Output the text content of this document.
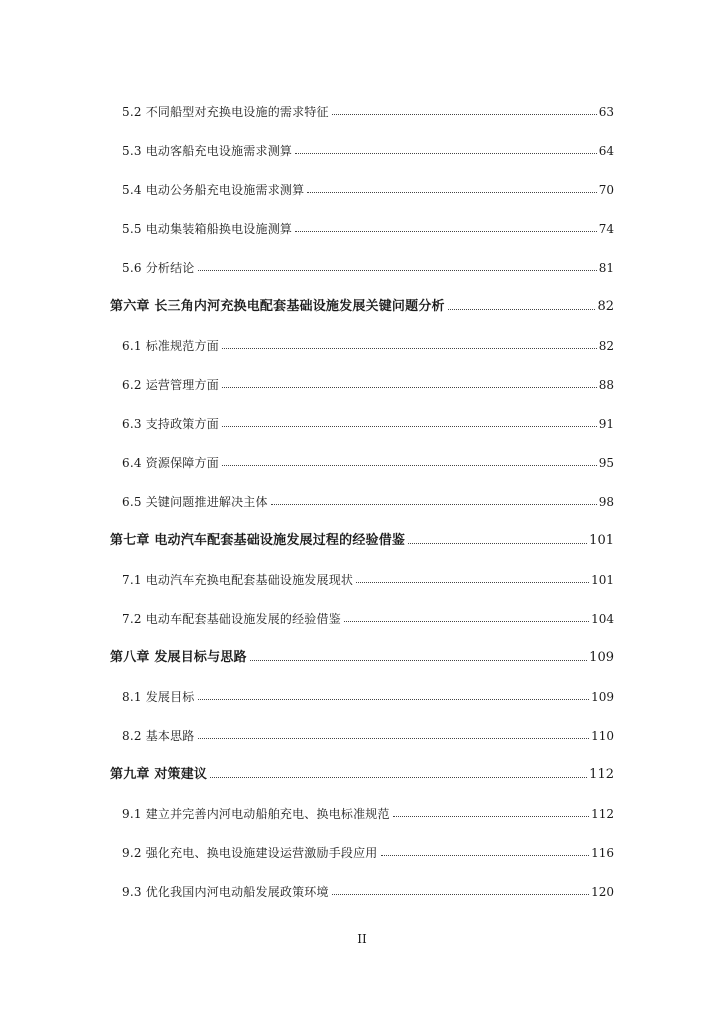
5.2 不同船型对充换电设施的需求特征	63
5.3 电动客船充电设施需求测算	64
5.4 电动公务船充电设施需求测算	70
5.5 电动集装箱船换电设施测算	74
5.6 分析结论	81
第六章 长三角内河充换电配套基础设施发展关键问题分析	82
6.1 标准规范方面	82
6.2 运营管理方面	88
6.3 支持政策方面	91
6.4 资源保障方面	95
6.5 关键问题推进解决主体	98
第七章 电动汽车配套基础设施发展过程的经验借鉴	101
7.1 电动汽车充换电配套基础设施发展现状	101
7.2 电动车配套基础设施发展的经验借鉴	104
第八章 发展目标与思路	109
8.1 发展目标	109
8.2 基本思路	110
第九章 对策建议	112
9.1 建立并完善内河电动船舶充电、换电标准规范	112
9.2 强化充电、换电设施建设运营激励手段应用	116
9.3 优化我国内河电动船发展政策环境	120
II
